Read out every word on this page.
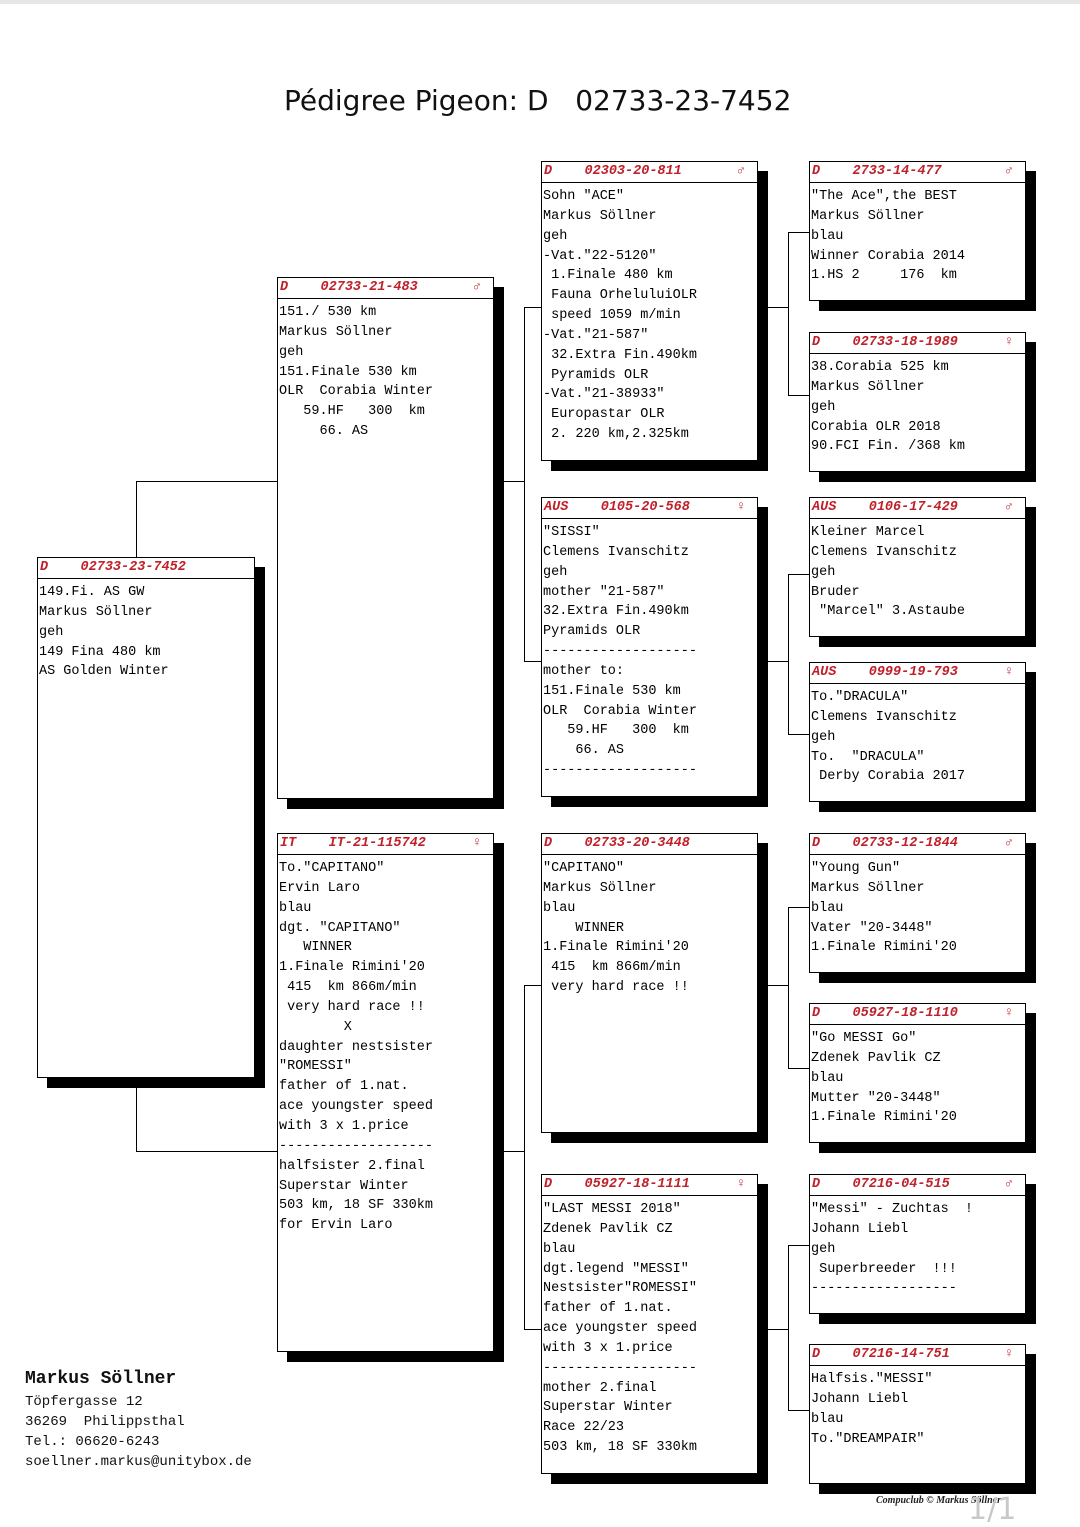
Pédigree Pigeon: D   02733-23-7452
D 02733-23-7452
149.Fi. AS GW
Markus Söllner
geh
149 Fina 480 km
AS Golden Winter
D 02733-21-483	♂
151./ 530 km
Markus Söllner
geh
151.Finale 530 km
OLR  Corabia Winter
59.HF   300  km
66. AS
IT IT-21-115742	♀
To."CAPITANO"
Ervin Laro
blau
dgt. "CAPITANO"
WINNER
1.Finale Rimini'20
415  km 866m/min
very hard race !!
X
daughter nestsister
"ROMESSI"
father of 1.nat.
ace youngster speed
with 3 x 1.price
-------------------
halfsister 2.final
Superstar Winter
503 km, 18 SF 330km
for Ervin Laro
D 02303-20-811	♂
Sohn "ACE"
Markus Söllner
geh
-Vat."22-5120"
1.Finale 480 km
Fauna OrheluluiOLR
speed 1059 m/min
-Vat."21-587"
32.Extra Fin.490km
Pyramids OLR
-Vat."21-38933"
Europastar OLR
2. 220 km,2.325km
AUS 0105-20-568	♀
"SISSI"
Clemens Ivanschitz
geh
mother "21-587"
32.Extra Fin.490km
Pyramids OLR
-------------------
mother to:
151.Finale 530 km
OLR  Corabia Winter
59.HF   300  km
66. AS
-------------------
D 02733-20-3448
"CAPITANO"
Markus Söllner
blau
WINNER
1.Finale Rimini'20
415  km 866m/min
very hard race !!
D 05927-18-1111	♀
"LAST MESSI 2018"
Zdenek Pavlik CZ
blau
dgt.legend "MESSI"
Nestsister"ROMESSI"
father of 1.nat.
ace youngster speed
with 3 x 1.price
-------------------
mother 2.final
Superstar Winter
Race 22/23
503 km, 18 SF 330km
D 2733-14-477	♂
"The Ace",the BEST
Markus Söllner
blau
Winner Corabia 2014
1.HS 2     176  km
D 02733-18-1989	♀
38.Corabia 525 km
Markus Söllner
geh
Corabia OLR 2018
90.FCI Fin. /368 km
AUS 0106-17-429	♂
Kleiner Marcel
Clemens Ivanschitz
geh
Bruder
"Marcel" 3.Astaube
AUS 0999-19-793	♀
To."DRACULA"
Clemens Ivanschitz
geh
To.  "DRACULA"
Derby Corabia 2017
D 02733-12-1844	♂
"Young Gun"
Markus Söllner
blau
Vater "20-3448"
1.Finale Rimini'20
D 05927-18-1110	♀
"Go MESSI Go"
Zdenek Pavlik CZ
blau
Mutter "20-3448"
1.Finale Rimini'20
D 07216-04-515	♂
"Messi" - Zuchtas  !
Johann Liebl
geh
Superbreeder  !!!
------------------
D 07216-14-751	♀
Halfsis."MESSI"
Johann Liebl
blau
To."DREAMPAIR"
Markus Söllner
Töpfergasse 12
36269  Philippsthal
Tel.: 06620-6243
soellner.markus@unitybox.de
Compuclub © Markus Söllner
1/1
